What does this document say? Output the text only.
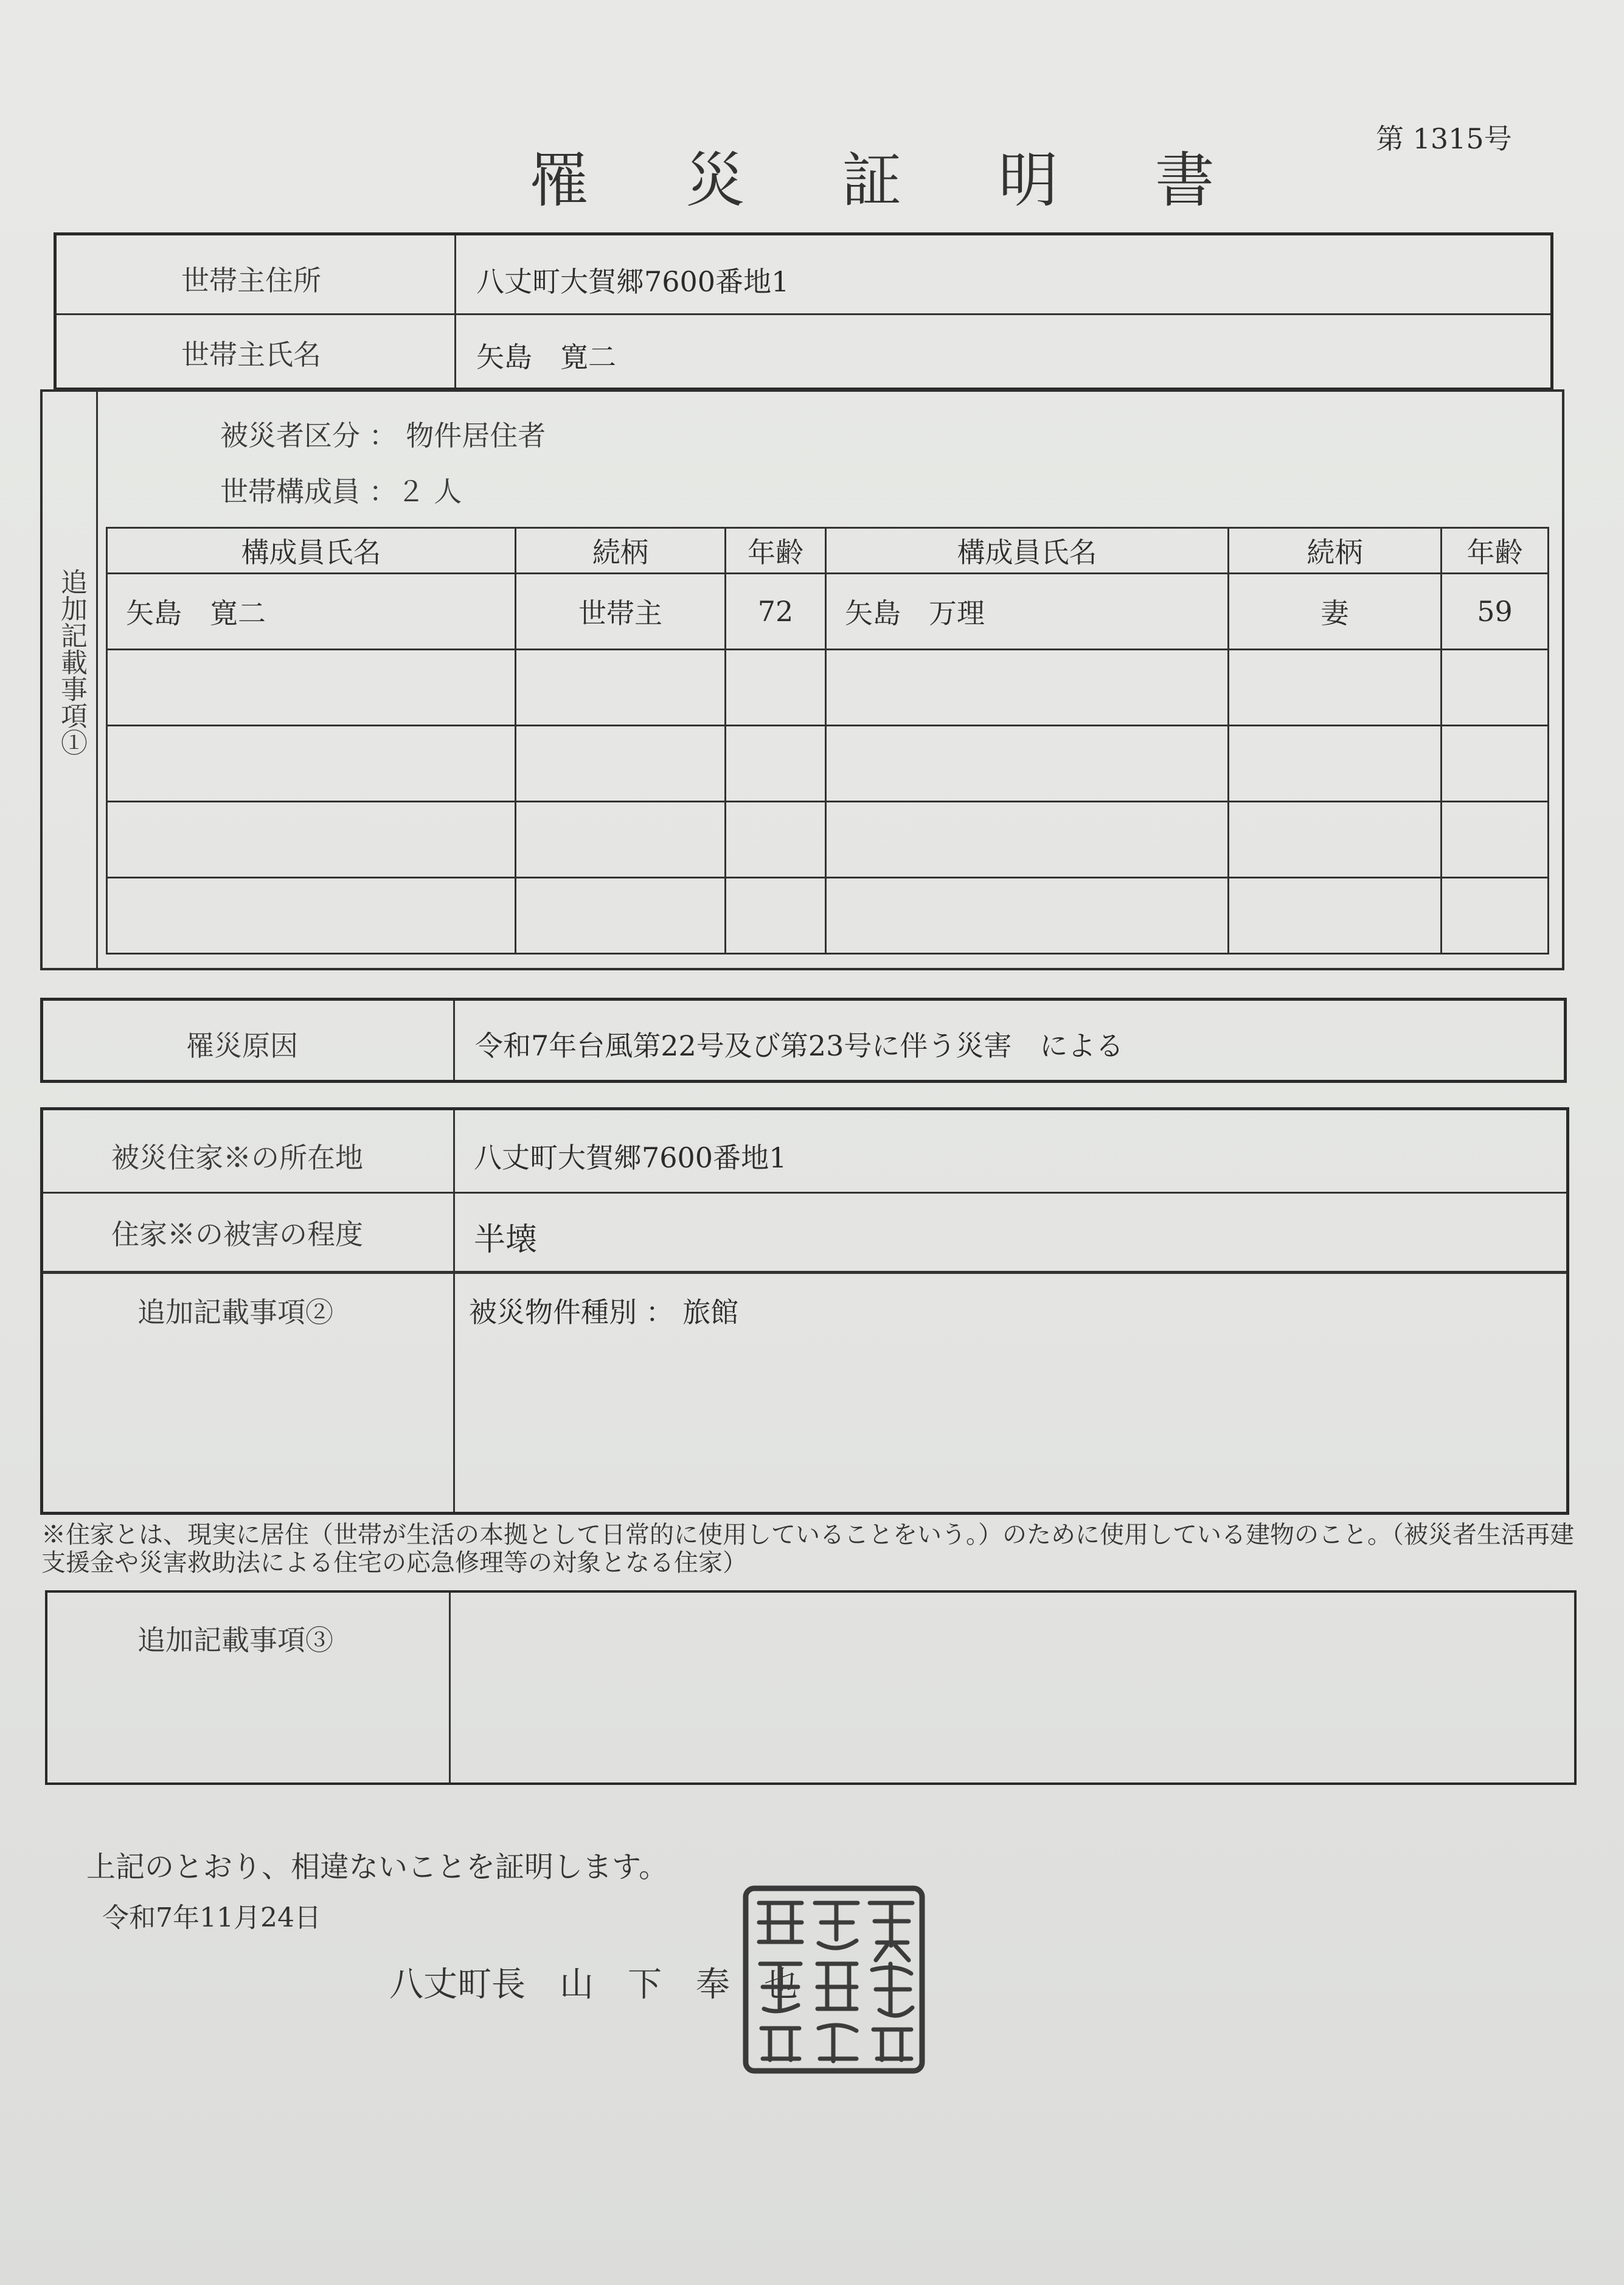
罹 災 証 明 書
第 1315号
世帯主住所	八丈町大賀郷7600番地1
世帯主氏名	矢島　寛二
追加記載事項①
被災者区分 ： 物件居住者
世帯構成員 ：２ 人
構成員氏名	続柄	年齢	構成員氏名	続柄	年齢
矢島　寛二	世帯主	72	矢島　万理	妻	59

罹災原因	令和7年台風第22号及び第23号に伴う災害　による
被災住家※の所在地	八丈町大賀郷7600番地1
住家※の被害の程度	半壊
追加記載事項②	被災物件種別 ： 旅館
※住家とは、現実に居住（世帯が生活の本拠として日常的に使用していることをいう。）のために使用している建物のこと。（被災者生活再建支援金や災害救助法による住宅の応急修理等の対象となる住家）
追加記載事項③
上記のとおり、相違ないことを証明します。
令和7年11月24日
八丈町長　山　下　奉　也
